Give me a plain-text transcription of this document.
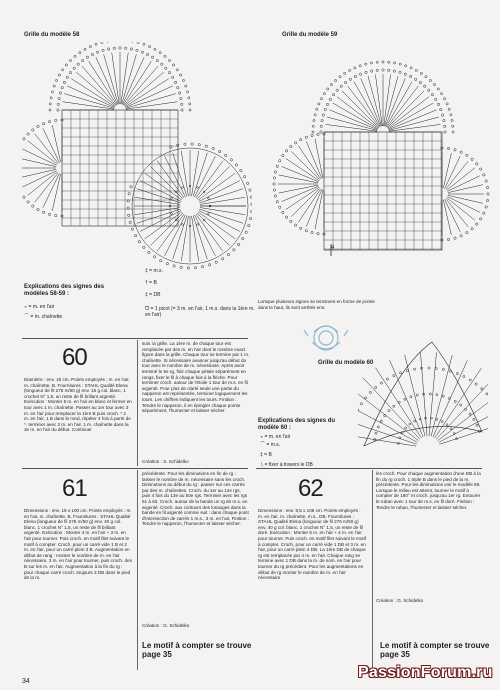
Grille du modèle 58	Grille du modèle 59
4
Explications des signes des modèles 58-59 :
∘ = m. en l'air
⌒ = m. chaînette
‡ = m.s.
† = B
‡ = DB
ᗜ = 1 picot (= 3 m. en l'air, 1 m.s. dans la 1ère m. en l'air)
Lorsque plusieurs signes se terminent en forme de pointe dans le haut, ils sont arrêtés ens.
Grille du modèle 60
Explications des signes du modèle 60 :
∘ = m. en l'air
⌒ = m.s.
‡ = B
∖ = fixer à travers le DB
60
Diamètre : env. 15 cm. Points employés : m. en l'air, m. chaînette, B. Fournitures : STAHL Qualité Elena (longueur de fil 276 m/50 g) env. 15 g col. blanc, 1 crochet N° 1,5, un reste de fil brillant argenté. Exécution : Monter 5 m. en l'air en blanc et fermer en tour avec 1 m. chaînette. Passer au 1er tour avec 3 m. en l'air pour remplacer la 1ère B puis croch. * 2 m. en l'air, 1 B dans le rond, répéter 4 fois à partir de *, terminer avec 2 m. en l'air, 1 m. chaînette dans la 3e m. en l'air du début. Continuer
suiv. la grille. La 1ère m. de chaque tour est remplacée par des m. en l'air dont le nombre exact figure dans la grille. Chaque tour se termine par 1 m. chaînette. Si nécessaire avancer jusqu'au début du tour avec le nombre de m. nécessaire. Après avoir terminé le 5e rg, finir chaque pétale séparément en rangs, fixer le fil à chaque fois à la flèche. Pour terminer croch. autour de l'étoile 1 tour de m.s. en fil argenté. Pour plus de clarté seule une partie du napperon est représentée, terminer logiquement les tours. Les chiffres indiquent les tours. Finition : Tendre le napperon, il en épingler chaque pointe séparément, l'humecter et laisser sécher.
Création : S. Schidelko
61
Dimensions : env. 19 x 100 cm. Points employés : m. en l'air, m. chaînette, B. Fournitures : STAHL Qualité Elena (longueur de fil 276 m/50 g) env. 40 g col. blanc, 1 crochet N° 1,5, un reste de fil brillant argenté. Exécution : Monter 4 m. en l'air + 3 m. en l'air pour tourner. Puis croch. en motif filet suivant le motif à compter. Croch. pour un carré vide 1 B et 2 m. en l'air, pour un carré plein 3 B. Augmentation en début de rang : monter le nombre de m. en l'air nécessaire, 3 m. en l'air pour tourner, puis croch. des B sur les m. en l'air. Augmentation à la fin du rg : pour chaque carré croch. toujours 3 DB dans le pied de la m.
précédente. Pour les diminutions en fin de rg : laisser le nombre de m. nécessaire sans les croch. Diminutions au début du rg : passer sur ces carrés par des m. chaînettes. Croch. du 1er au 12e rgs, puis 4 fois du 13e au 50e rgs. Terminer avec les rgs 51 à 63. Croch. autour de la bande un rg de m.s. en argenté. Croch. aux contours des losanges dans la bande en fil argenté comme suit : dans chaque point d'intersection de carrés 1 m.s., 3 m. en l'air. Finition : Tendre le napperon, l'humecter et laisser sécher.
Création : G. Schidelko
Le motif à compter se trouve page 35
62
Dimensions : env. 8,5 x 106 cm. Points employés : m. en l'air, m. chaînette, m.s., DB. Fournitures : STAHL Qualité Elena (longueur de fil 276 m/50 g) env. 40 g col. blanc, 1 crochet N° 1,5, un reste de fil doré. Exécution : Monter 5 m. en l'air + 4 m. en l'air pour tourner. Puis croch. en motif filet suivant le motif à compter. Croch. pour un carré vide 1 DB et 3 m. en l'air, pour un carré plein 4 DB. La 1ère DB de chaque rg est remplacée par 4 m. en l'air. Chaque rang se termine avec 1 DB dans la m. de som. en l'air pour tourner du rg précédent. Pour les augmentations en début de rg monter le nombre de m. en l'air nécessaire
les croch. Pour chaque augmentation d'une DB à la fin du rg croch. 1 triple B dans le pied de la m. précédente. Pour les diminutions voir le modèle 69. Lorsque le milieu est atteint, tourner le motif à compter de 180° et croch. jusqu'au 1er rg. Entourer le ruban avec 1 tour de m.s. en fil doré. Finition : Tendre le ruban, l'humecter et laisser sécher.
Création : G. Schidelko
Le motif à compter se trouve page 35
34
PassionForum.ru
